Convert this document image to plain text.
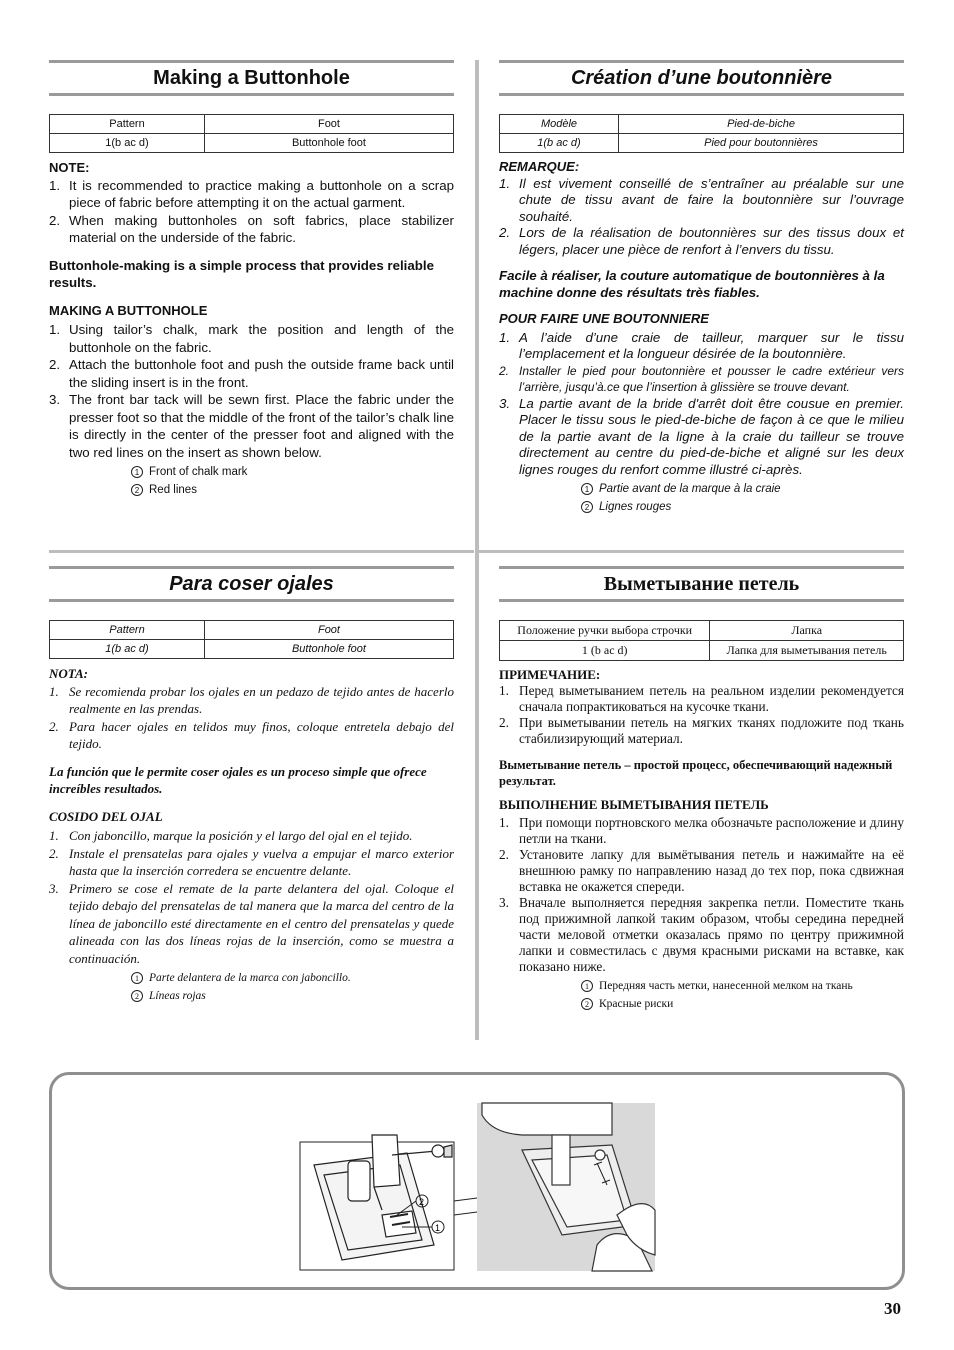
Making a Buttonhole
Pattern	Foot
1(b ac d)	Buttonhole foot
NOTE:
1. It is recommended to practice making a buttonhole on a scrap piece of fabric before attempting it on the actual garment.
2. When making buttonholes on soft fabrics, place stabilizer material on the underside of the fabric.
Buttonhole-making is a simple process that provides reliable results.
MAKING A BUTTONHOLE
1. Using tailor’s chalk, mark the position and length of the buttonhole on the fabric.
2. Attach the buttonhole foot and push the outside frame back until the sliding insert is in the front.
3. The front bar tack will be sewn first. Place the fabric under the presser foot so that the middle of the front of the tailor’s chalk line is directly in the center of the presser foot and aligned with the two red lines on the insert as shown below.
1 Front of chalk mark
2 Red lines
Création d’une boutonnière
Modèle	Pied-de-biche
1(b ac d)	Pied pour boutonnières
REMARQUE:
1. Il est vivement conseillé de s’entraîner au préalable sur une chute de tissu avant de faire la boutonnière sur l’ouvrage souhaité.
2. Lors de la réalisation de boutonnières sur des tissus doux et légers, placer une pièce de renfort à l’envers du tissu.
Facile à réaliser, la couture automatique de boutonnières à la machine donne des résultats très fiables.
POUR FAIRE UNE BOUTONNIERE
1. A l’aide d’une craie de tailleur, marquer sur le tissu l’emplacement et la longueur désirée de la boutonnière.
2. Installer le pied pour boutonnière et pousser le cadre extérieur vers l’arrière, jusqu’à.ce que l’insertion à glissière se trouve devant.
3. La partie avant de la bride d'arrêt doit être cousue en premier. Placer le tissu sous le pied-de-biche de façon à ce que le milieu de la partie avant de la ligne à la craie du tailleur se trouve directement au centre du pied-de-biche et aligné sur les deux lignes rouges du renfort comme illustré ci-après.
1 Partie avant de la marque à la craie
2 Lignes rouges
Para coser ojales
Pattern	Foot
1(b ac d)	Buttonhole foot
NOTA:
1. Se recomienda probar los ojales en un pedazo de tejido antes de hacerlo realmente en las prendas.
2. Para hacer ojales en telidos muy finos, coloque entretela debajo del tejido.
La función que le permite coser ojales es un proceso simple que ofrece increíbles resultados.
COSIDO DEL OJAL
1. Con jaboncillo, marque la posición y el largo del ojal en el tejido.
2. Instale el prensatelas para ojales y vuelva a empujar el marco exterior hasta que la inserción corredera se encuentre delante.
3. Primero se cose el remate de la parte delantera del ojal. Coloque el tejido debajo del prensatelas de tal manera que la marca del centro de la línea de jaboncillo esté directamente en el centro del prensatelas y quede alineada con las dos líneas rojas de la inserción, como se muestra a continuación.
1 Parte delantera de la marca con jaboncillo.
2 Líneas rojas
Выметывание петель
Положение ручки выбора строчки	Лапка
1 (b ac d)	Лапка для выметывания петель
ПРИМЕЧАНИЕ:
1. Перед выметыванием петель на реальном изделии рекомендуется сначала попрактиковаться на кусочке ткани.
2. При выметывании петель на мягких тканях подложите под ткань стабилизирующий материал.
Выметывание петель – простой процесс, обеспечивающий надежный результат.
ВЫПОЛНЕНИЕ ВЫМЕТЫВАНИЯ ПЕТЕЛЬ
1. При помощи портновского мелка обозначьте расположение и длину петли на ткани.
2. Установите лапку для вымётывания петель и нажимайте на её внешнюю рамку по направлению назад до тех пор, пока сдвижная вставка не окажется спереди.
3. Вначале выполняется передняя закрепка петли. Поместите ткань под прижимной лапкой таким образом, чтобы середина передней части меловой отметки оказалась прямо по центру прижимной лапки и совместилась с двумя красными рисками на вставке, как показано ниже.
1 Передняя часть метки, нанесенной мелком на ткань
2 Красные риски
2
1
30
